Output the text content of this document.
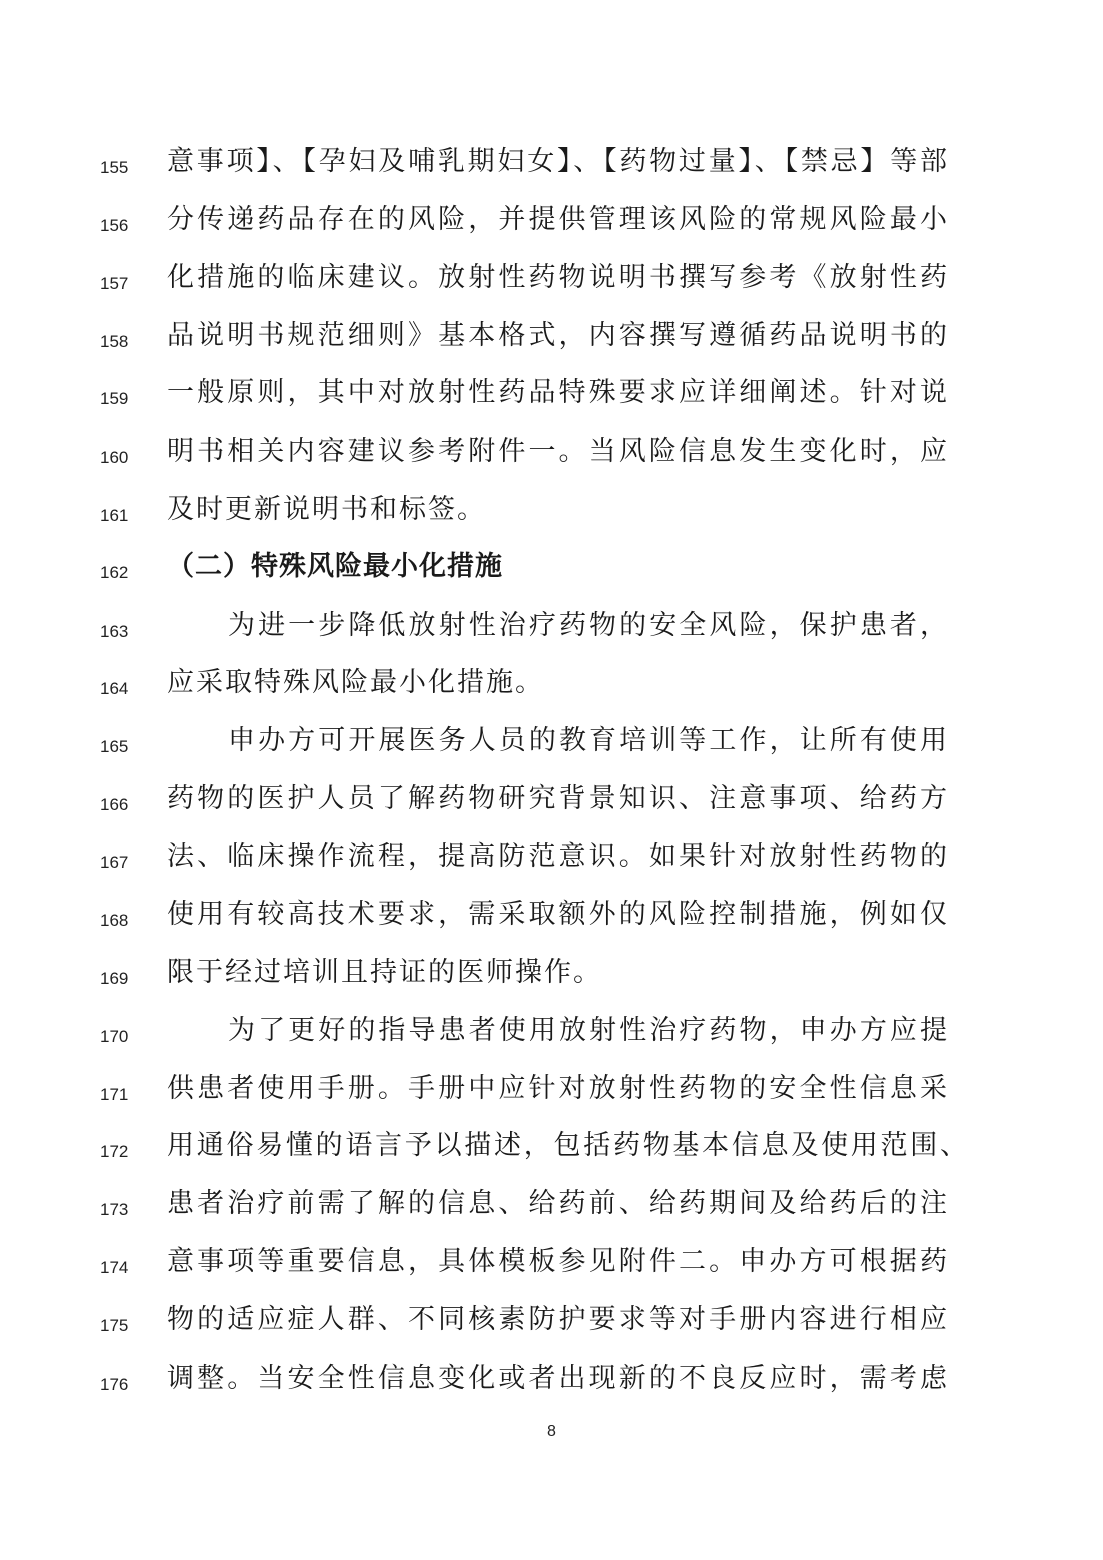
155	意事项】、【孕妇及哺乳期妇女】、【药物过量】、【禁忌】等部
156	分传递药品存在的风险，并提供管理该风险的常规风险最小
157	化措施的临床建议。放射性药物说明书撰写参考《放射性药
158	品说明书规范细则》基本格式，内容撰写遵循药品说明书的
159	一般原则，其中对放射性药品特殊要求应详细阐述。针对说
160	明书相关内容建议参考附件一。当风险信息发生变化时，应
161	及时更新说明书和标签。
162	（二）特殊风险最小化措施
163	为进一步降低放射性治疗药物的安全风险，保护患者，
164	应采取特殊风险最小化措施。
165	申办方可开展医务人员的教育培训等工作，让所有使用
166	药物的医护人员了解药物研究背景知识、注意事项、给药方
167	法、临床操作流程，提高防范意识。如果针对放射性药物的
168	使用有较高技术要求，需采取额外的风险控制措施，例如仅
169	限于经过培训且持证的医师操作。
170	为了更好的指导患者使用放射性治疗药物，申办方应提
171	供患者使用手册。手册中应针对放射性药物的安全性信息采
172	用通俗易懂的语言予以描述，包括药物基本信息及使用范围、
173	患者治疗前需了解的信息、给药前、给药期间及给药后的注
174	意事项等重要信息，具体模板参见附件二。申办方可根据药
175	物的适应症人群、不同核素防护要求等对手册内容进行相应
176	调整。当安全性信息变化或者出现新的不良反应时，需考虑
8
